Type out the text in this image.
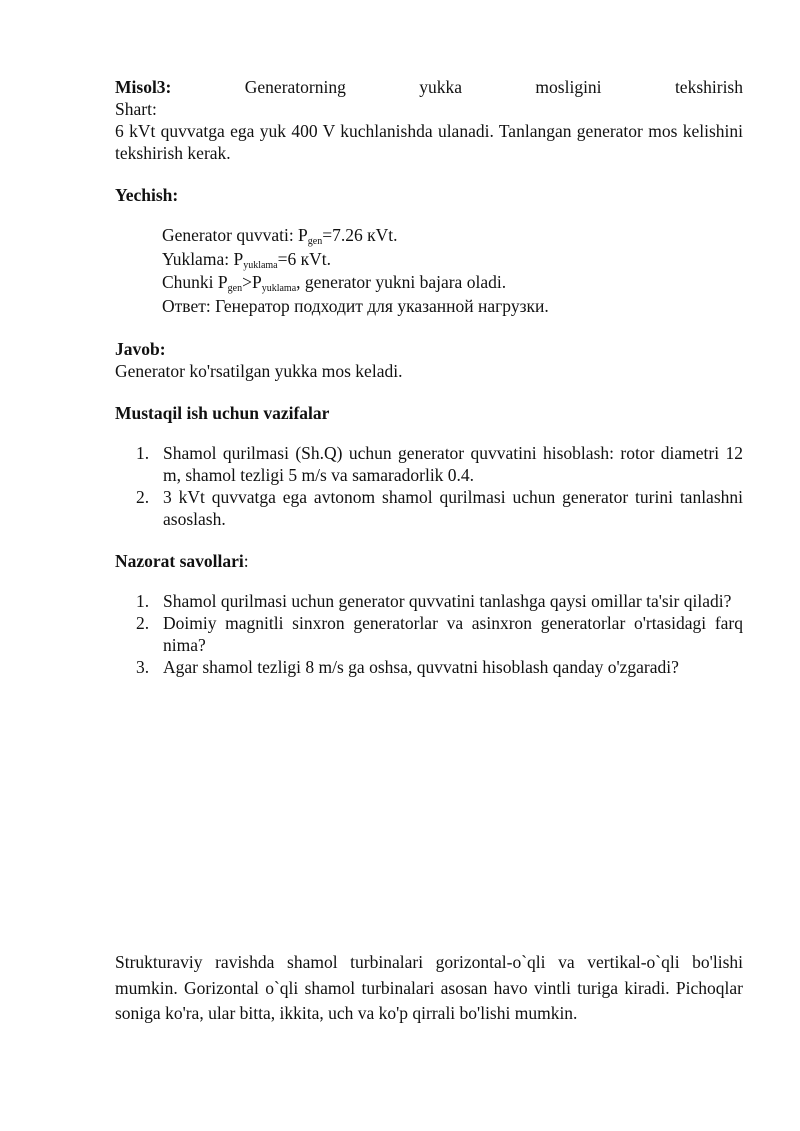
Misol3:	Generatorning	yukka	mosligini	tekshirish

Shart:

6 kVt quvvatga ega yuk 400 V kuchlanishda ulanadi. Tanlangan generator mos kelishini tekshirish kerak.

Yechish:

Generator quvvati: $P_{gen}=7.26$ кVt.

Yuklama: $P_{yuklama}=6$ кVt.

Chunki $P_{gen}>P_{yuklama}$, generator yukni bajara oladi.

Ответ: Генератор подходит для указанной нагрузки.

Javob:

Generator ko'rsatilgan yukka mos keladi.

Mustaqil ish uchun vazifalar

1. Shamol qurilmasi (Sh.Q) uchun generator quvvatini hisoblash: rotor diametri 12 m, shamol tezligi 5 m/s va samaradorlik 0.4.
2. 3 kVt quvvatga ega avtonom shamol qurilmasi uchun generator turini tanlashni asoslash.

Nazorat savollari:

1. Shamol qurilmasi uchun generator quvvatini tanlashga qaysi omillar ta'sir qiladi?
2. Doimiy magnitli sinxron generatorlar va asinxron generatorlar o'rtasidagi farq nima?
3. Agar shamol tezligi 8 m/s ga oshsa, quvvatni hisoblash qanday o'zgaradi?

Strukturaviy ravishda shamol turbinalari gorizontal-o`qli va vertikal-o`qli bo'lishi mumkin. Gorizontal o`qli shamol turbinalari asosan havo vintli turiga kiradi. Pichoqlar soniga ko'ra, ular bitta, ikkita, uch va ko'p qirrali bo'lishi mumkin.
